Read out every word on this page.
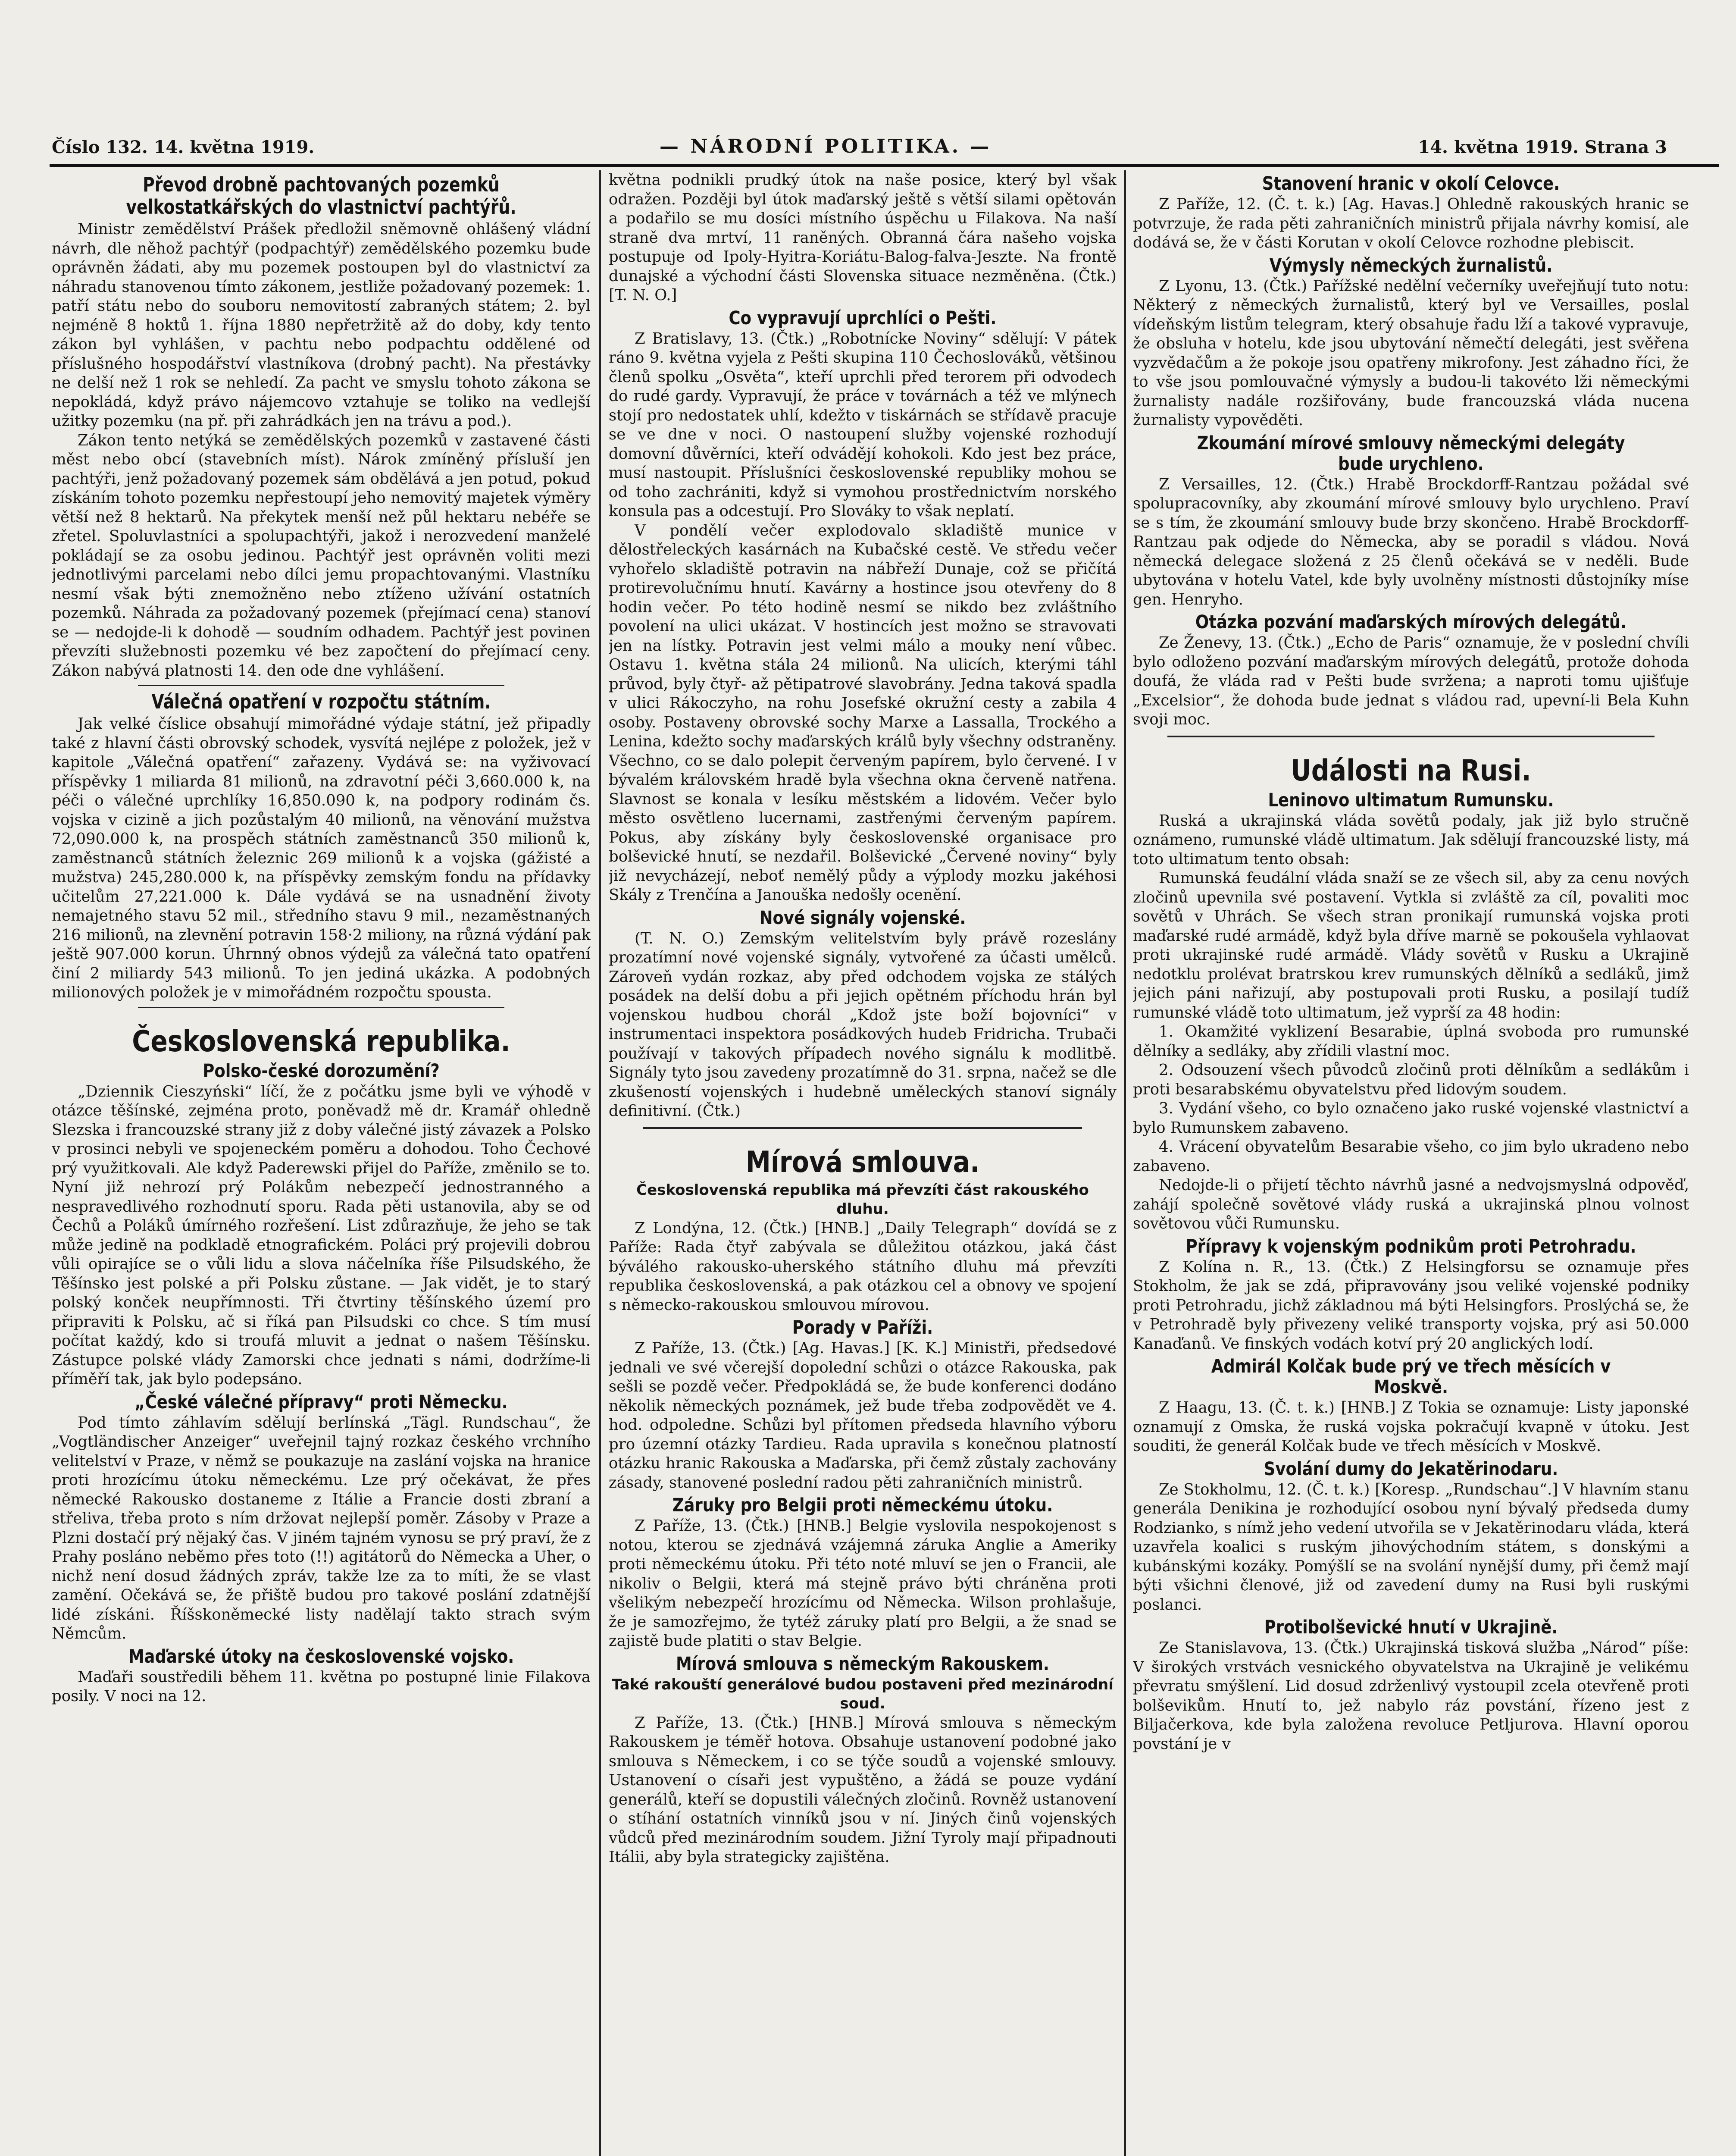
Číslo 132. 14. května 1919.	— NÁRODNÍ POLITIKA. —	14. května 1919. Strana 3
Převod drobně pachtovaných pozemků velkostatkářských do vlastnictví pachtýřů.

Ministr zemědělství Prášek předložil sněmovně ohlášený vládní návrh, dle něhož pachtýř (podpachtýř) zemědělského pozemku bude oprávněn žádati, aby mu pozemek postoupen byl do vlastnictví za náhradu stanovenou tímto zákonem, jestliže požadovaný pozemek: 1. patří státu nebo do souboru nemovitostí zabraných státem; 2. byl nejméně 8 hoktů 1. října 1880 nepřetržitě až do doby, kdy tento zákon byl vyhlášen, v pachtu nebo podpachtu oddělené od příslušného hospodářství vlastníkova (drobný pacht). Na přestávky ne delší než 1 rok se nehledí. Za pacht ve smyslu tohoto zákona se nepokládá, když právo nájemcovo vztahuje se toliko na vedlejší užitky pozemku (na př. při zahrádkách jen na trávu a pod.).

Zákon tento netýká se zemědělských pozemků v zastavené části měst nebo obcí (stavebních míst). Nárok zmíněný přísluší jen pachtýři, jenž požadovaný pozemek sám obdělává a jen potud, pokud získáním tohoto pozemku nepřestoupí jeho nemovitý majetek výměry větší než 8 hektarů. Na překytek menší než půl hektaru nebéře se zřetel. Spoluvlastníci a spolupachtýři, jakož i nerozvedení manželé pokládají se za osobu jedinou. Pachtýř jest oprávněn voliti mezi jednotlivými parcelami nebo dílci jemu propachtovanými. Vlastníku nesmí však býti znemožněno nebo ztíženo užívání ostatních pozemků. Náhrada za požadovaný pozemek (přejímací cena) stanoví se — nedojde-li k dohodě — soudním odhadem. Pachtýř jest povinen převzíti služebnosti pozemku vé bez započtení do přejímací ceny. Zákon nabývá platnosti 14. den ode dne vyhlášení.

Válečná opatření v rozpočtu státním.

Jak velké číslice obsahují mimořádné výdaje státní, jež připadly také z hlavní části obrovský schodek, vysvítá nejlépe z položek, jež v kapitole „Válečná opatření“ zařazeny. Vydává se: na vyživovací příspěvky 1 miliarda 81 milionů, na zdravotní péči 3,660.000 k, na péči o válečné uprchlíky 16,850.090 k, na podpory rodinám čs. vojska v cizině a jich pozůstalým 40 milionů, na věnování mužstva 72,090.000 k, na prospěch státních zaměstnanců 350 milionů k, zaměstnanců státních železnic 269 milionů k a vojska (gážisté a mužstva) 245,280.000 k, na příspěvky zemským fondu na přídavky učitelům 27,221.000 k. Dále vydává se na usnadnění životy nemajetného stavu 52 mil., středního stavu 9 mil., nezaměstnaných 216 milionů, na zlevnění potravin 158·2 miliony, na různá výdání pak ještě 907.000 korun. Úhrnný obnos výdejů za válečná tato opatření činí 2 miliardy 543 milionů. To jen jediná ukázka. A podobných milionových položek je v mimořádném rozpočtu spousta.

Československá republika.
Polsko-české dorozumění?

„Dziennik Cieszyński“ líčí, že z počátku jsme byli ve výhodě v otázce těšínské, zejména proto, poněvadž mě dr. Kramář ohledně Slezska i francouzské strany již z doby válečné jistý závazek a Polsko v prosinci nebyli ve spojeneckém poměru a dohodou. Toho Čechové prý využitkovali. Ale když Paderewski přijel do Paříže, změnilo se to. Nyní již nehrozí prý Polákům nebezpečí jednostranného a nespravedlivého rozhodnutí sporu. Rada pěti ustanovila, aby se od Čechů a Poláků úmírného rozřešení. List zdůrazňuje, že jeho se tak může jedině na podkladě etnografickém. Poláci prý projevili dobrou vůli opirajíce se o vůli lidu a slova náčelníka říše Pilsudského, že Těšínsko jest polské a při Polsku zůstane. — Jak vidět, je to starý polský konček neupřímnosti. Tři čtvrtiny těšínského území pro připraviti k Polsku, ač si říká pan Pilsudski co chce. S tím musí počítat každý, kdo si troufá mluvit a jednat o našem Těšínsku. Zástupce polské vlády Zamorski chce jednati s námi, dodržíme-li příměří tak, jak bylo podepsáno.

„České válečné přípravy“ proti Německu.

Pod tímto záhlavím sdělují berlínská „Tägl. Rundschau“, že „Vogtländischer Anzeiger“ uveřejnil tajný rozkaz českého vrchního velitelství v Praze, v němž se poukazuje na zaslání vojska na hranice proti hrozícímu útoku německému. Lze prý očekávat, že přes německé Rakousko dostaneme z Itálie a Francie dosti zbraní a střeliva, třeba proto s ním držovat nejlepší poměr. Zásoby v Praze a Plzni dostačí prý nějaký čas. V jiném tajném vynosu se prý praví, že z Prahy posláno neběmo přes toto (!!) agitátorů do Německa a Uher, o nichž není dosud žádných zpráv, takže lze za to míti, že se vlast zamění. Očekává se, že přiště budou pro takové poslání zdatnější lidé získáni. Říšskoněmecké listy nadělají takto strach svým Němcům.

Maďarské útoky na československé vojsko.

Maďaři soustředili během 11. května po postupné linie Filakova posily. V noci na 12.

května podnikli prudký útok na naše posice, který byl však odražen. Později byl útok maďarský ještě s větší silami opětován a podařilo se mu dosíci místního úspěchu u Filakova. Na naší straně dva mrtví, 11 raněných. Obranná čára našeho vojska postupuje od Ipoly-Hyitra-Koriátu-Balog-falva-Jeszte. Na frontě dunajské a východní části Slovenska situace nezměněna. (Čtk.) [T. N. O.]

Co vypravují uprchlíci o Pešti.

Z Bratislavy, 13. (Čtk.) „Robotnícke Noviny“ sdělují: V pátek ráno 9. května vyjela z Pešti skupina 110 Čechoslováků, většinou členů spolku „Osvěta“, kteří uprchli před terorem při odvodech do rudé gardy. Vypravují, že práce v továrnách a též ve mlýnech stojí pro nedostatek uhlí, kdežto v tiskárnách se střídavě pracuje se ve dne v noci. O nastoupení služby vojenské rozhodují domovní důvěrníci, kteří odvádějí kohokoli. Kdo jest bez práce, musí nastoupit. Příslušníci československé republiky mohou se od toho zachrániti, když si vymohou prostřednictvím norského konsula pas a odcestují. Pro Slováky to však neplatí.

V pondělí večer explodovalo skladiště munice v dělostřeleckých kasárnách na Kubačské cestě. Ve středu večer vyhořelo skladiště potravin na nábřeží Dunaje, což se přičítá protirevolučnímu hnutí. Kavárny a hostince jsou otevřeny do 8 hodin večer. Po této hodině nesmí se nikdo bez zvláštního povolení na ulici ukázat. V hostincích jest možno se stravovati jen na lístky. Potravin jest velmi málo a mouky není vůbec. Ostavu 1. května stála 24 milionů. Na ulicích, kterými táhl průvod, byly čtyř- až pětipatrové slavobrány. Jedna taková spadla v ulici Rákoczyho, na rohu Josefské okružní cesty a zabila 4 osoby. Postaveny obrovské sochy Marxe a Lassalla, Trockého a Lenina, kdežto sochy maďarských králů byly všechny odstraněny. Všechno, co se dalo polepit červeným papírem, bylo červené. I v bývalém královském hradě byla všechna okna červeně natřena. Slavnost se konala v lesíku městském a lidovém. Večer bylo město osvětleno lucernami, zastřenými červeným papírem. Pokus, aby získány byly československé organisace pro bolševické hnutí, se nezdařil. Bolševické „Červené noviny“ byly již nevycházejí, neboť nemělý půdy a výplody mozku jakéhosi Skály z Trenčína a Janouška nedošly ocenění.

Nové signály vojenské.

(T. N. O.) Zemským velitelstvím byly právě rozeslány prozatímní nové vojenské signály, vytvořené za účasti umělců. Zároveň vydán rozkaz, aby před odchodem vojska ze stálých posádek na delší dobu a při jejich opětném příchodu hrán byl vojenskou hudbou chorál „Kdož jste boží bojovníci“ v instrumentaci inspektora posádkových hudeb Fridricha. Trubači používají v takových případech nového signálu k modlitbě. Signály tyto jsou zavedeny prozatímně do 31. srpna, načež se dle zkušeností vojenských i hudebně uměleckých stanoví signály definitivní. (Čtk.)

Mírová smlouva.

Československá republika má převzíti část rakouského dluhu.

Z Londýna, 12. (Čtk.) [HNB.] „Daily Telegraph“ dovídá se z Paříže: Rada čtyř zabývala se důležitou otázkou, jaká část býválého rakousko-uherského státního dluhu má převzíti republika československá, a pak otázkou cel a obnovy ve spojení s německo-rakouskou smlouvou mírovou.

Porady v Paříži.

Z Paříže, 13. (Čtk.) [Ag. Havas.] [K. K.] Ministři, předsedové jednali ve své včerejší dopolední schůzi o otázce Rakouska, pak sešli se pozdě večer. Předpokládá se, že bude konferenci dodáno několik německých poznámek, jež bude třeba zodpovědět ve 4. hod. odpoledne. Schůzi byl přítomen předseda hlavního výboru pro územní otázky Tardieu. Rada upravila s konečnou platností otázku hranic Rakouska a Maďarska, při čemž zůstaly zachovány zásady, stanovené poslední radou pěti zahraničních ministrů.

Záruky pro Belgii proti německému útoku.

Z Paříže, 13. (Čtk.) [HNB.] Belgie vyslovila nespokojenost s notou, kterou se zjednává vzájemná záruka Anglie a Ameriky proti německému útoku. Při této noté mluví se jen o Francii, ale nikoliv o Belgii, která má stejně právo býti chráněna proti všelikým nebezpečí hrozícímu od Německa. Wilson prohlašuje, že je samozřejmo, že tytéž záruky platí pro Belgii, a že snad se zajistě bude platiti o stav Belgie.

Mírová smlouva s německým Rakouskem.

Také rakouští generálové budou postaveni před mezinárodní soud.

Z Paříže, 13. (Čtk.) [HNB.] Mírová smlouva s německým Rakouskem je téměř hotova. Obsahuje ustanovení podobné jako smlouva s Německem, i co se týče soudů a vojenské smlouvy. Ustanovení o císaři jest vypuštěno, a žádá se pouze vydání generálů, kteří se dopustili válečných zločinů. Rovněž ustanovení o stíhání ostatních vinníků jsou v ní. Jiných činů vojenských vůdců před mezinárodním soudem. Jižní Tyroly mají připadnouti Itálii, aby byla strategicky zajištěna.

Stanovení hranic v okolí Celovce.

Z Paříže, 12. (Č. t. k.) [Ag. Havas.] Ohledně rakouských hranic se potvrzuje, že rada pěti zahraničních ministrů přijala návrhy komisí, ale dodává se, že v části Korutan v okolí Celovce rozhodne plebiscit.

Výmysly německých žurnalistů.

Z Lyonu, 13. (Čtk.) Pařížské nedělní večerníky uveřejňují tuto notu: Některý z německých žurnalistů, který byl ve Versailles, poslal vídeňským listům telegram, který obsahuje řadu lží a takové vypravuje, že obsluha v hotelu, kde jsou ubytování němečtí delegáti, jest svěřena vyzvědačům a že pokoje jsou opatřeny mikrofony. Jest záhadno říci, že to vše jsou pomlouvačné výmysly a budou-li takovéto lži německými žurnalisty nadále rozšiřovány, bude francouzská vláda nucena žurnalisty vypověděti.

Zkoumání mírové smlouvy německými delegáty bude urychleno.

Z Versailles, 12. (Čtk.) Hrabě Brockdorff-Rantzau požádal své spolupracovníky, aby zkoumání mírové smlouvy bylo urychleno. Praví se s tím, že zkoumání smlouvy bude brzy skončeno. Hrabě Brockdorff-Rantzau pak odjede do Německa, aby se poradil s vládou. Nová německá delegace složená z 25 členů očekává se v neděli. Bude ubytována v hotelu Vatel, kde byly uvolněny místnosti důstojníky míse gen. Henryho.

Otázka pozvání maďarských mírových delegátů.

Ze Ženevy, 13. (Čtk.) „Echo de Paris“ oznamuje, že v poslední chvíli bylo odloženo pozvání maďarským mírových delegátů, protože dohoda doufá, že vláda rad v Pešti bude svržena; a naproti tomu ujišťuje „Excelsior“, že dohoda bude jednat s vládou rad, upevní-li Bela Kuhn svoji moc.

Události na Rusi.
Leninovo ultimatum Rumunsku.

Ruská a ukrajinská vláda sovětů podaly, jak již bylo stručně oznámeno, rumunské vládě ultimatum. Jak sdělují francouzské listy, má toto ultimatum tento obsah:

Rumunská feudální vláda snaží se ze všech sil, aby za cenu nových zločinů upevnila své postavení. Vytkla si zvláště za cíl, povaliti moc sovětů v Uhrách. Se všech stran pronikají rumunská vojska proti maďarské rudé armádě, když byla dříve marně se pokoušela vyhlaovat proti ukrajinské rudé armádě. Vlády sovětů v Rusku a Ukrajině nedotklu prolévat bratrskou krev rumunských dělníků a sedláků, jimž jejich páni nařizují, aby postupovali proti Rusku, a posilají tudíž rumunské vládě toto ultimatum, jež vyprší za 48 hodin:

1. Okamžité vyklizení Besarabie, úplná svoboda pro rumunské dělníky a sedláky, aby zřídili vlastní moc.

2. Odsouzení všech původců zločinů proti dělníkům a sedlákům i proti besarabskému obyvatelstvu před lidovým soudem.

3. Vydání všeho, co bylo označeno jako ruské vojenské vlastnictví a bylo Rumunskem zabaveno.

4. Vrácení obyvatelům Besarabie všeho, co jim bylo ukradeno nebo zabaveno.

Nedojde-li o přijetí těchto návrhů jasné a nedvojsmyslná odpověď, zahájí společně sovětové vlády ruská a ukrajinská plnou volnost sovětovou vůči Rumunsku.

Přípravy k vojenským podnikům proti Petrohradu.

Z Kolína n. R., 13. (Čtk.) Z Helsingforsu se oznamuje přes Stokholm, že jak se zdá, připravovány jsou veliké vojenské podniky proti Petrohradu, jichž základnou má býti Helsingfors. Proslýchá se, že v Petrohradě byly přivezeny veliké transporty vojska, prý asi 50.000 Kanaďanů. Ve finských vodách kotví prý 20 anglických lodí.

Admirál Kolčak bude prý ve třech měsících v Moskvě.

Z Haagu, 13. (Č. t. k.) [HNB.] Z Tokia se oznamuje: Listy japonské oznamují z Omska, že ruská vojska pokračují kvapně v útoku. Jest souditi, že generál Kolčak bude ve třech měsících v Moskvě.

Svolání dumy do Jekatěrinodaru.

Ze Stokholmu, 12. (Č. t. k.) [Koresp. „Rundschau“.] V hlavním stanu generála Denikina je rozhodující osobou nyní bývalý předseda dumy Rodzianko, s nímž jeho vedení utvořila se v Jekatěrinodaru vláda, která uzavřela koalici s ruským jihovýchodním státem, s donskými a kubánskými kozáky. Pomýšlí se na svolání nynější dumy, při čemž mají býti všichni členové, již od zavedení dumy na Rusi byli ruskými poslanci.

Protibolševické hnutí v Ukrajině.

Ze Stanislavova, 13. (Čtk.) Ukrajinská tisková služba „Národ“ píše: V širokých vrstvách vesnického obyvatelstva na Ukrajině je velikému převratu smýšlení. Lid dosud zdrženlivý vystoupil zcela otevřeně proti bolševikům. Hnutí to, jež nabylo ráz povstání, řízeno jest z Biljačerkova, kde byla založena revoluce Petljurova. Hlavní oporou povstání je v
